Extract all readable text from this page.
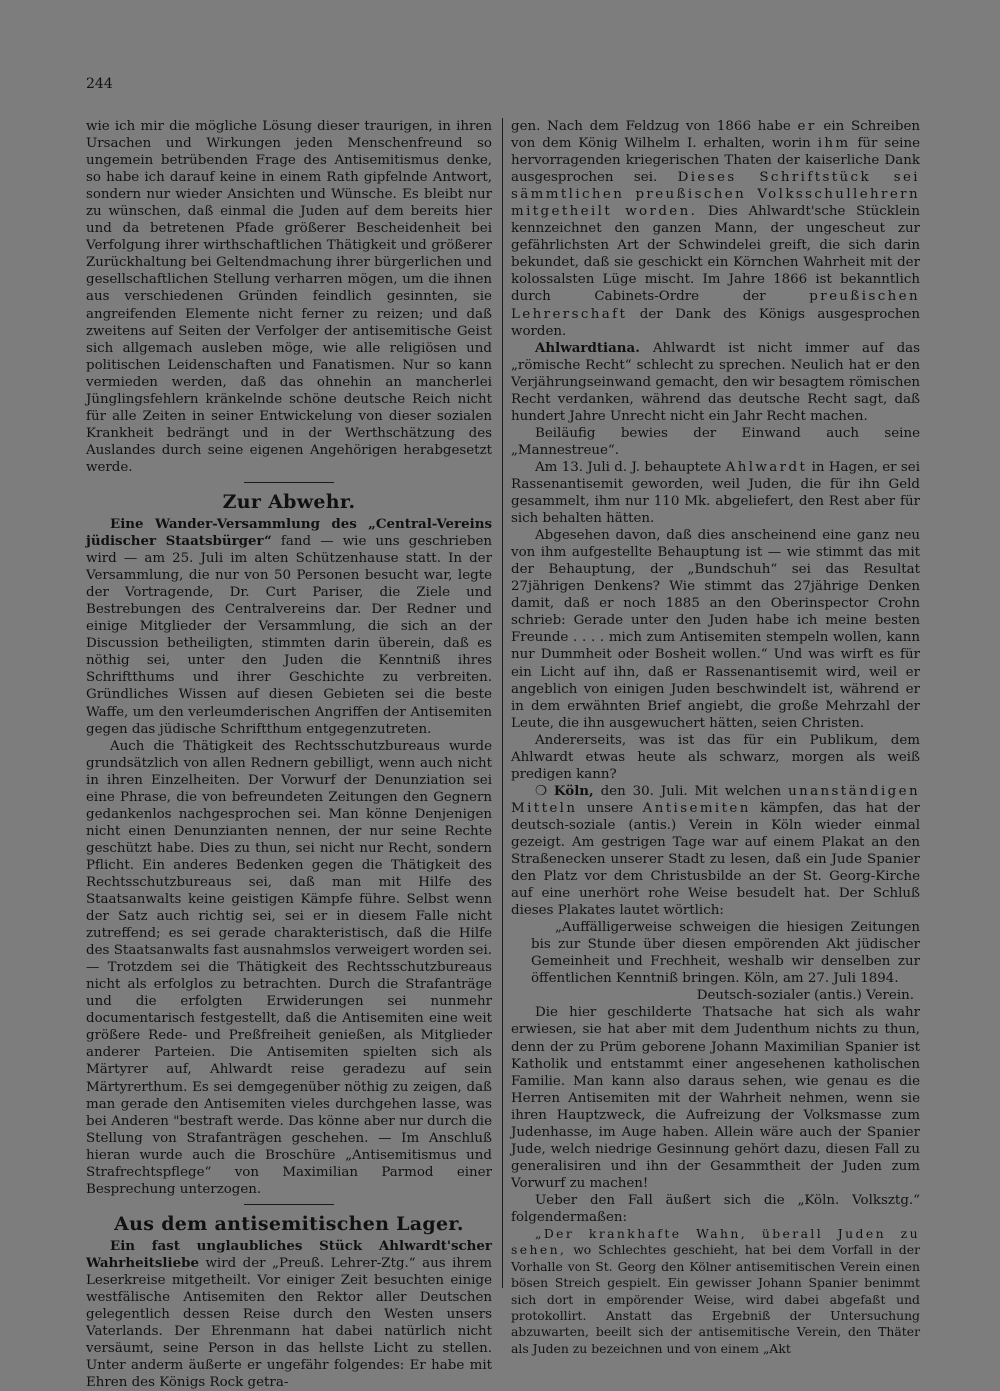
244

wie ich mir die mögliche Lösung dieser traurigen, in ihren Ursachen und Wirkungen jeden Menschenfreund so ungemein betrübenden Frage des Antisemitismus denke, so habe ich darauf keine in einem Rath gipfelnde Antwort, sondern nur wieder Ansichten und Wünsche. Es bleibt nur zu wünschen, daß einmal die Juden auf dem bereits hier und da betretenen Pfade größerer Bescheidenheit bei Verfolgung ihrer wirthschaftlichen Thätigkeit und größerer Zurückhaltung bei Geltendmachung ihrer bürgerlichen und gesellschaftlichen Stellung verharren mögen, um die ihnen aus verschiedenen Gründen feindlich gesinnten, sie angreifenden Elemente nicht ferner zu reizen; und daß zweitens auf Seiten der Verfolger der antisemitische Geist sich allgemach ausleben möge, wie alle religiösen und politischen Leidenschaften und Fanatismen. Nur so kann vermieden werden, daß das ohnehin an mancherlei Jünglingsfehlern kränkelnde schöne deutsche Reich nicht für alle Zeiten in seiner Entwickelung von dieser sozialen Krankheit bedrängt und in der Werthschätzung des Auslandes durch seine eigenen Angehörigen herabgesetzt werde.

Zur Abwehr.

Eine Wander-Versammlung des „Central-Vereins jüdischer Staatsbürger“ fand — wie uns geschrieben wird — am 25. Juli im alten Schützenhause statt. In der Versammlung, die nur von 50 Personen besucht war, legte der Vortragende, Dr. Curt Pariser, die Ziele und Bestrebungen des Centralvereins dar. Der Redner und einige Mitglieder der Versammlung, die sich an der Discussion betheiligten, stimmten darin überein, daß es nöthig sei, unter den Juden die Kenntniß ihres Schriftthums und ihrer Geschichte zu verbreiten. Gründliches Wissen auf diesen Gebieten sei die beste Waffe, um den verleumderischen Angriffen der Antisemiten gegen das jüdische Schriftthum entgegenzutreten.

Auch die Thätigkeit des Rechtsschutzbureaus wurde grundsätzlich von allen Rednern gebilligt, wenn auch nicht in ihren Einzelheiten. Der Vorwurf der Denunziation sei eine Phrase, die von befreundeten Zeitungen den Gegnern gedankenlos nachgesprochen sei. Man könne Denjenigen nicht einen Denunzianten nennen, der nur seine Rechte geschützt habe. Dies zu thun, sei nicht nur Recht, sondern Pflicht. Ein anderes Bedenken gegen die Thätigkeit des Rechtsschutzbureaus sei, daß man mit Hilfe des Staatsanwalts keine geistigen Kämpfe führe. Selbst wenn der Satz auch richtig sei, sei er in diesem Falle nicht zutreffend; es sei gerade charakteristisch, daß die Hilfe des Staatsanwalts fast ausnahmslos verweigert worden sei. — Trotzdem sei die Thätigkeit des Rechtsschutzbureaus nicht als erfolglos zu betrachten. Durch die Strafanträge und die erfolgten Erwiderungen sei nunmehr documentarisch festgestellt, daß die Antisemiten eine weit größere Rede- und Preßfreiheit genießen, als Mitglieder anderer Parteien. Die Antisemiten spielten sich als Märtyrer auf, Ahlwardt reise geradezu auf sein Märtyrerthum. Es sei demgegenüber nöthig zu zeigen, daß man gerade den Antisemiten vieles durchgehen lasse, was bei Anderen "bestraft werde. Das könne aber nur durch die Stellung von Strafanträgen geschehen. — Im Anschluß hieran wurde auch die Broschüre „Antisemitismus und Strafrechtspflege“ von Maximilian Parmod einer Besprechung unterzogen.

Aus dem antisemitischen Lager.

Ein fast unglaubliches Stück Ahlwardt'scher Wahrheitsliebe wird der „Preuß. Lehrer-Ztg.“ aus ihrem Leserkreise mitgetheilt. Vor einiger Zeit besuchten einige westfälische Antisemiten den Rektor aller Deutschen gelegentlich dessen Reise durch den Westen unsers Vaterlands. Der Ehrenmann hat dabei natürlich nicht versäumt, seine Person in das hellste Licht zu stellen. Unter anderm äußerte er ungefähr folgendes: Er habe mit Ehren des Königs Rock getra-

gen. Nach dem Feldzug von 1866 habe er ein Schreiben von dem König Wilhelm I. erhalten, worin ihm für seine hervorragenden kriegerischen Thaten der kaiserliche Dank ausgesprochen sei. Dieses Schriftstück sei sämmtlichen preußischen Volksschullehrern mitgetheilt worden. Dies Ahlwardt'sche Stücklein kennzeichnet den ganzen Mann, der ungescheut zur gefährlichsten Art der Schwindelei greift, die sich darin bekundet, daß sie geschickt ein Körnchen Wahrheit mit der kolossalsten Lüge mischt. Im Jahre 1866 ist bekanntlich durch Cabinets-Ordre der preußischen Lehrerschaft der Dank des Königs ausgesprochen worden.

Ahlwardtiana. Ahlwardt ist nicht immer auf das „römische Recht“ schlecht zu sprechen. Neulich hat er den Verjährungseinwand gemacht, den wir besagtem römischen Recht verdanken, während das deutsche Recht sagt, daß hundert Jahre Unrecht nicht ein Jahr Recht machen.

Beiläufig bewies der Einwand auch seine „Mannestreue“.

Am 13. Juli d. J. behauptete Ahlwardt in Hagen, er sei Rassenantisemit geworden, weil Juden, die für ihn Geld gesammelt, ihm nur 110 Mk. abgeliefert, den Rest aber für sich behalten hätten.

Abgesehen davon, daß dies anscheinend eine ganz neu von ihm aufgestellte Behauptung ist — wie stimmt das mit der Behauptung, der „Bundschuh“ sei das Resultat 27jährigen Denkens? Wie stimmt das 27jährige Denken damit, daß er noch 1885 an den Oberinspector Crohn schrieb: Gerade unter den Juden habe ich meine besten Freunde . . . . mich zum Antisemiten stempeln wollen, kann nur Dummheit oder Bosheit wollen.“ Und was wirft es für ein Licht auf ihn, daß er Rassenantisemit wird, weil er angeblich von einigen Juden beschwindelt ist, während er in dem erwähnten Brief angiebt, die große Mehrzahl der Leute, die ihn ausgewuchert hätten, seien Christen.

Andererseits, was ist das für ein Publikum, dem Ahlwardt etwas heute als schwarz, morgen als weiß predigen kann?

❍ Köln, den 30. Juli. Mit welchen unanständigen Mitteln unsere Antisemiten kämpfen, das hat der deutsch-soziale (antis.) Verein in Köln wieder einmal gezeigt. Am gestrigen Tage war auf einem Plakat an den Straßenecken unserer Stadt zu lesen, daß ein Jude Spanier den Platz vor dem Christusbilde an der St. Georg-Kirche auf eine unerhört rohe Weise besudelt hat. Der Schluß dieses Plakates lautet wörtlich:

„Auffälligerweise schweigen die hiesigen Zeitungen bis zur Stunde über diesen empörenden Akt jüdischer Gemeinheit und Frechheit, weshalb wir denselben zur öffentlichen Kenntniß bringen. Köln, am 27. Juli 1894.

Deutsch-sozialer (antis.) Verein.

Die hier geschilderte Thatsache hat sich als wahr erwiesen, sie hat aber mit dem Judenthum nichts zu thun, denn der zu Prüm geborene Johann Maximilian Spanier ist Katholik und entstammt einer angesehenen katholischen Familie. Man kann also daraus sehen, wie genau es die Herren Antisemiten mit der Wahrheit nehmen, wenn sie ihren Hauptzweck, die Aufreizung der Volksmasse zum Judenhasse, im Auge haben. Allein wäre auch der Spanier Jude, welch niedrige Gesinnung gehört dazu, diesen Fall zu generalisiren und ihn der Gesammtheit der Juden zum Vorwurf zu machen!

Ueber den Fall äußert sich die „Köln. Volksztg.“ folgendermaßen:

„Der krankhafte Wahn, überall Juden zu sehen, wo Schlechtes geschieht, hat bei dem Vorfall in der Vorhalle von St. Georg den Kölner antisemitischen Verein einen bösen Streich gespielt. Ein gewisser Johann Spanier benimmt sich dort in empörender Weise, wird dabei abgefaßt und protokollirt. Anstatt das Ergebniß der Untersuchung abzuwarten, beeilt sich der antisemitische Verein, den Thäter als Juden zu bezeichnen und von einem „Akt
